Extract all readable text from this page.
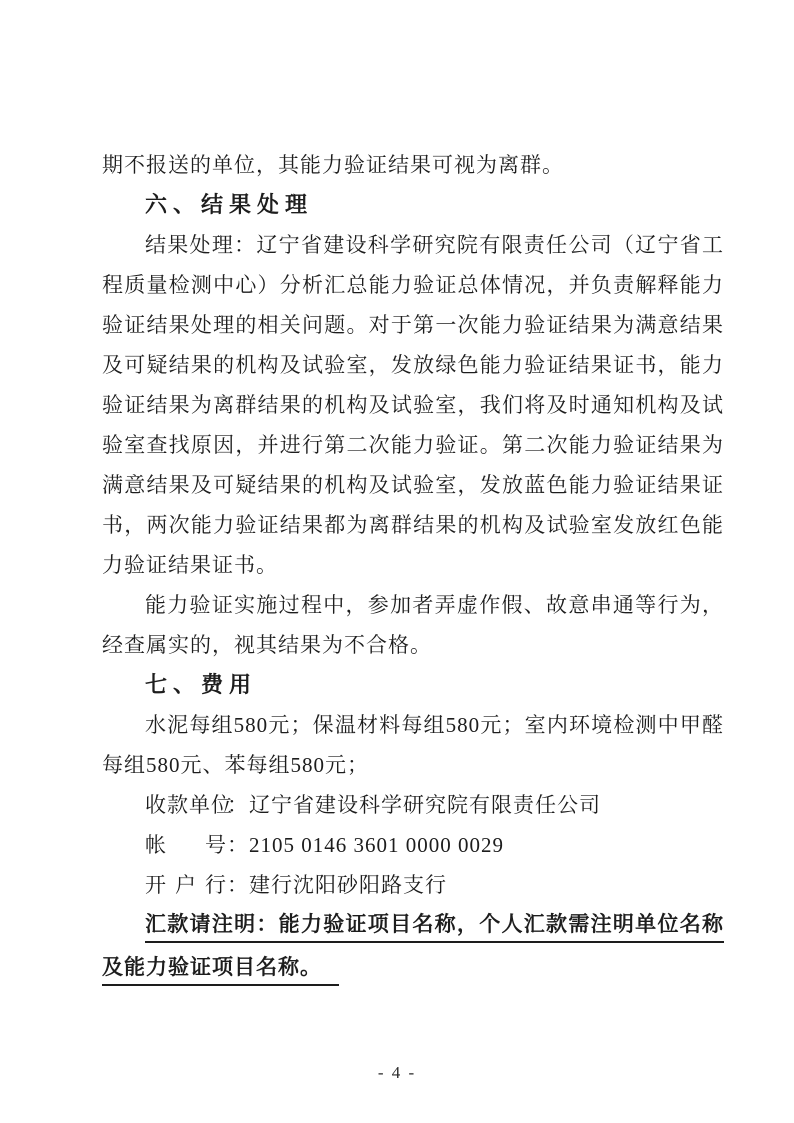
期不报送的单位，其能力验证结果可视为离群。
六、结果处理
结果处理：辽宁省建设科学研究院有限责任公司（辽宁省工
程质量检测中心）分析汇总能力验证总体情况，并负责解释能力
验证结果处理的相关问题。对于第一次能力验证结果为满意结果
及可疑结果的机构及试验室，发放绿色能力验证结果证书，能力
验证结果为离群结果的机构及试验室，我们将及时通知机构及试
验室查找原因，并进行第二次能力验证。第二次能力验证结果为
满意结果及可疑结果的机构及试验室，发放蓝色能力验证结果证
书，两次能力验证结果都为离群结果的机构及试验室发放红色能
力验证结果证书。
能力验证实施过程中，参加者弄虚作假、故意串通等行为，
经查属实的，视其结果为不合格。
七、费用
水泥每组580元；保温材料每组580元；室内环境检测中甲醛
每组580元、苯每组580元；
收款单位：辽宁省建设科学研究院有限责任公司
帐号：2105 0146 3601 0000 0029
开户行：建行沈阳砂阳路支行
汇款请注明：能力验证项目名称，个人汇款需注明单位名称
及能力验证项目名称。
- 4 -
